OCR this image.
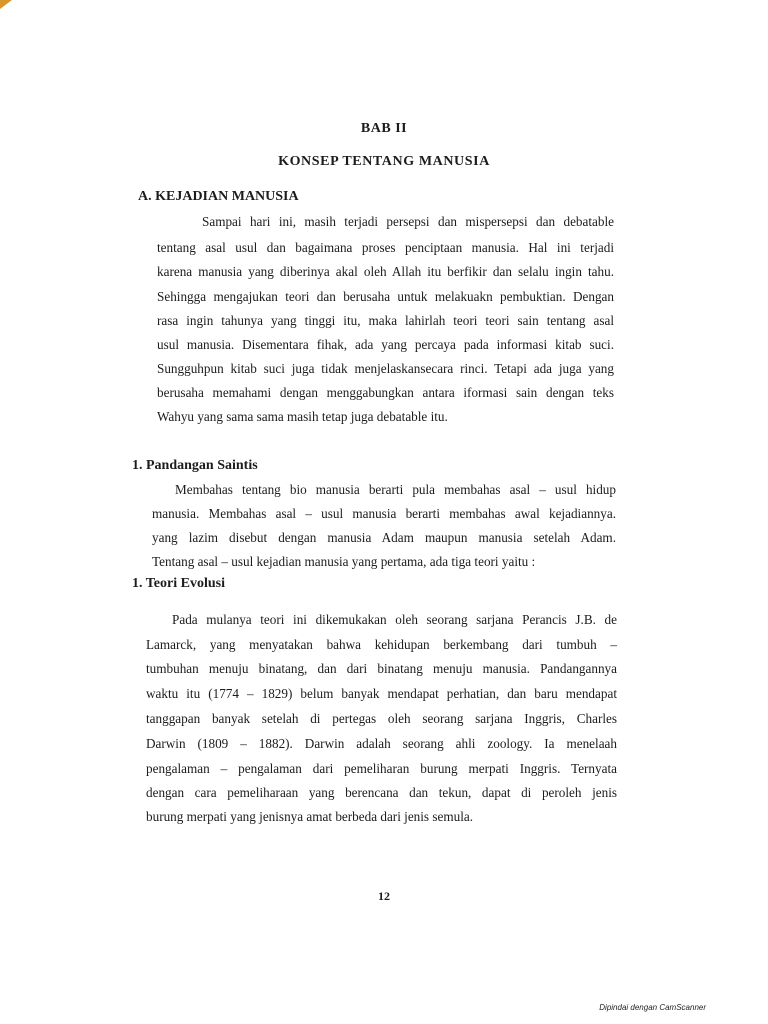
BAB II
KONSEP TENTANG MANUSIA
A. KEJADIAN MANUSIA
Sampai hari ini, masih terjadi persepsi dan mispersepsi dan debatable
tentang asal usul dan bagaimana proses penciptaan manusia. Hal ini terjadi
karena manusia yang diberinya akal oleh Allah itu berfikir dan selalu ingin tahu.
Sehingga mengajukan teori dan berusaha untuk melakuakn pembuktian. Dengan
rasa ingin tahunya yang tinggi itu, maka lahirlah teori teori sain tentang asal
usul manusia. Disementara fihak, ada yang percaya pada informasi kitab suci.
Sungguhpun kitab suci juga tidak menjelaskansecara rinci. Tetapi ada juga yang
berusaha memahami dengan menggabungkan antara iformasi sain dengan teks
Wahyu yang sama sama masih tetap juga debatable itu.
1. Pandangan Saintis
Membahas tentang bio manusia berarti pula membahas asal – usul hidup
manusia. Membahas asal – usul manusia berarti membahas awal kejadiannya.
yang lazim disebut dengan manusia Adam maupun manusia setelah Adam.
Tentang asal – usul kejadian manusia yang pertama, ada tiga teori yaitu :
1. Teori Evolusi
Pada mulanya teori ini dikemukakan oleh seorang sarjana Perancis J.B. de
Lamarck, yang menyatakan bahwa kehidupan berkembang dari tumbuh –
tumbuhan menuju binatang, dan dari binatang menuju manusia. Pandangannya
waktu itu (1774 – 1829) belum banyak mendapat perhatian, dan baru mendapat
tanggapan banyak setelah di pertegas oleh seorang sarjana Inggris, Charles
Darwin (1809 – 1882). Darwin adalah seorang ahli zoology. Ia menelaah
pengalaman – pengalaman dari pemeliharan burung merpati Inggris. Ternyata
dengan cara pemeliharaan yang berencana dan tekun, dapat di peroleh jenis
burung merpati yang jenisnya amat berbeda dari jenis semula.
12
Dipindai dengan CamScanner
